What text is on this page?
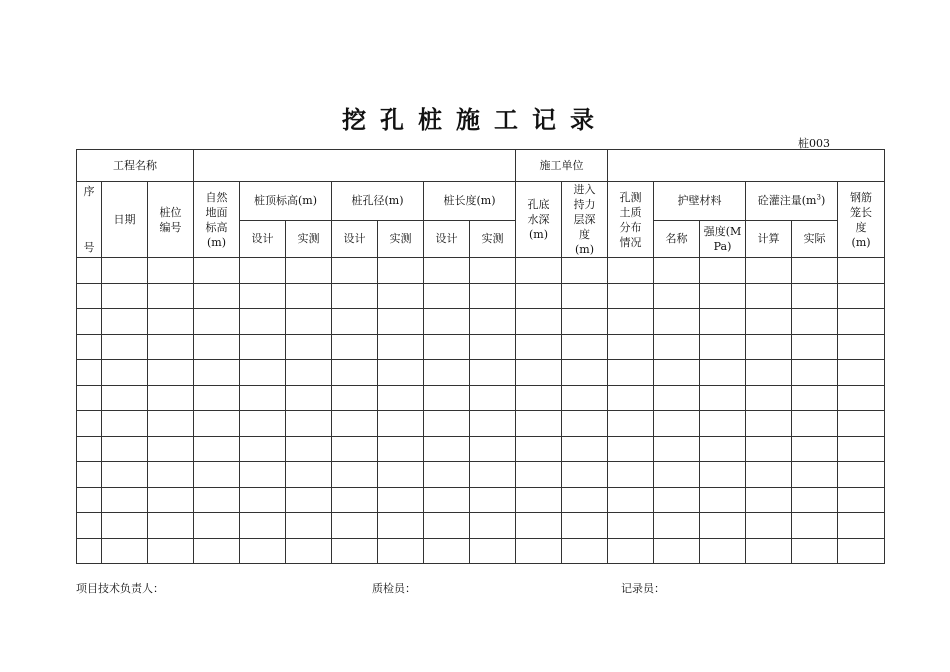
挖孔桩施工记录
桩003
工程名称										施工单位							

序
号	日期	桩位编号	自然地面标高(m)	桩顶标高(m)		桩孔径(m)		桩长度(m)		孔底水深(m)	进入持力层深度(m)	孔测土质分布情况	护壁材料		砼灌注量$(m^3)$		钢筋笼长度(m)
				设计	实测	设计	实测	设计	实测				名称	强度(MPa)	计算	实际	

项目技术负责人：	质检员：	记录员：
